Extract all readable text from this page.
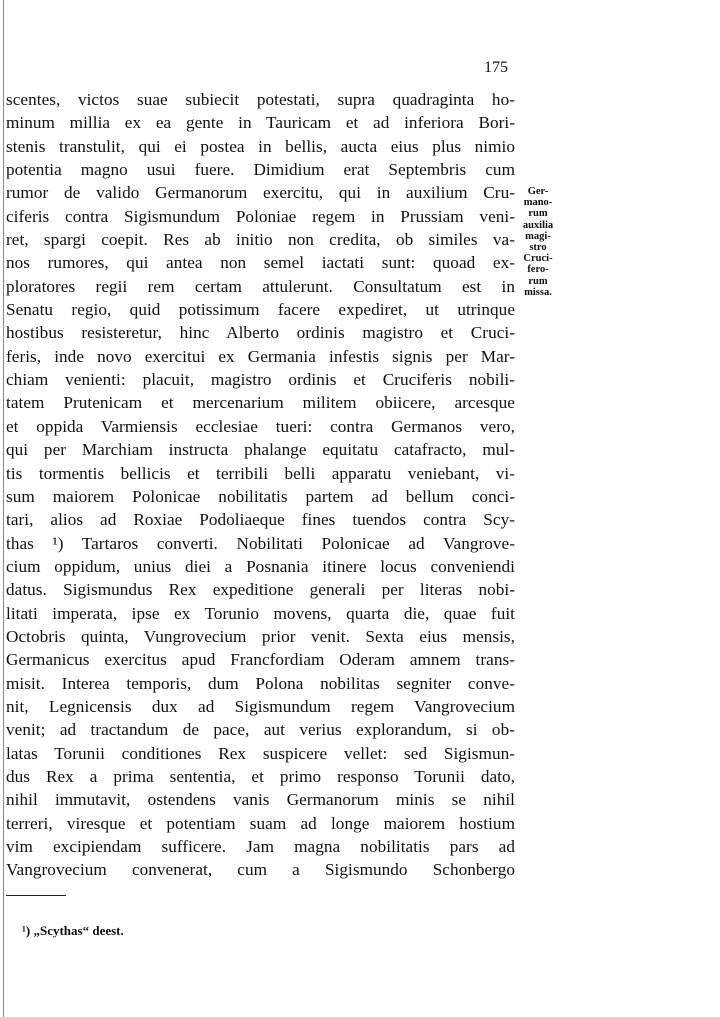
175
scentes, victos suae subiecit potestati, supra quadraginta ho-
minum millia ex ea gente in Tauricam et ad inferiora Bori-
stenis transtulit, qui ei postea in bellis, aucta eius plus nimio
potentia magno usui fuere. Dimidium erat Septembris cum
rumor de valido Germanorum exercitu, qui in auxilium Cru-
ciferis contra Sigismundum Poloniae regem in Prussiam veni-
ret, spargi coepit. Res ab initio non credita, ob similes va-
nos rumores, qui antea non semel iactati sunt: quoad ex-
ploratores regii rem certam attulerunt. Consultatum est in
Senatu regio, quid potissimum facere expediret, ut utrinque
hostibus resisteretur, hinc Alberto ordinis magistro et Cruci-
feris, inde novo exercitui ex Germania infestis signis per Mar-
chiam venienti: placuit, magistro ordinis et Cruciferis nobili-
tatem Prutenicam et mercenarium militem obiicere, arcesque
et oppida Varmiensis ecclesiae tueri: contra Germanos vero,
qui per Marchiam instructa phalange equitatu catafracto, mul-
tis tormentis bellicis et terribili belli apparatu veniebant, vi-
sum maiorem Polonicae nobilitatis partem ad bellum conci-
tari, alios ad Roxiae Podoliaeque fines tuendos contra Scy-
thas ¹) Tartaros converti. Nobilitati Polonicae ad Vangrove-
cium oppidum, unius diei a Posnania itinere locus conveniendi
datus. Sigismundus Rex expeditione generali per literas nobi-
litati imperata, ipse ex Torunio movens, quarta die, quae fuit
Octobris quinta, Vungrovecium prior venit. Sexta eius mensis,
Germanicus exercitus apud Francfordiam Oderam amnem trans-
misit. Interea temporis, dum Polona nobilitas segniter conve-
nit, Legnicensis dux ad Sigismundum regem Vangrovecium
venit; ad tractandum de pace, aut verius explorandum, si ob-
latas Torunii conditiones Rex suspicere vellet: sed Sigismun-
dus Rex a prima sententia, et primo responso Torunii dato,
nihil immutavit, ostendens vanis Germanorum minis se nihil
terreri, viresque et potentiam suam ad longe maiorem hostium
vim excipiendam sufficere. Jam magna nobilitatis pars ad
Vangrovecium convenerat, cum a Sigismundo Schonbergo
Ger-
mano-
rum
auxilia
magi-
stro
Cruci-
fero-
rum
missa.
¹) „Scythas“ deest.
